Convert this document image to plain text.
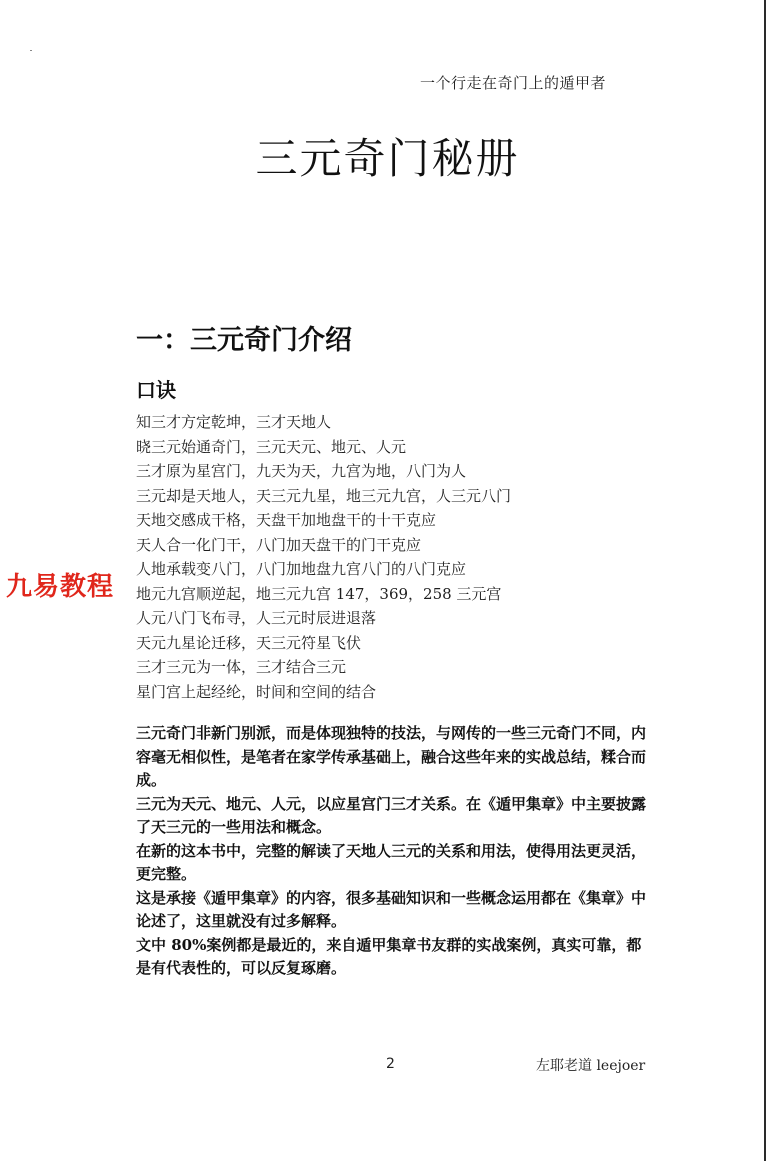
一个行走在奇门上的遁甲者
三元奇门秘册
一：三元奇门介绍
口诀
知三才方定乾坤，三才天地人
晓三元始通奇门，三元天元、地元、人元
三才原为星宫门，九天为天，九宫为地，八门为人
三元却是天地人，天三元九星，地三元九宫，人三元八门
天地交感成干格，天盘干加地盘干的十干克应
天人合一化门干，八门加天盘干的门干克应
人地承载变八门，八门加地盘九宫八门的八门克应
地元九宫顺逆起，地三元九宫 147，369，258 三元宫
人元八门飞布寻，人三元时辰进退落
天元九星论迁移，天三元符星飞伏
三才三元为一体，三才结合三元
星门宫上起经纶，时间和空间的结合

三元奇门非新门别派，而是体现独特的技法，与网传的一些三元奇门不同，内容毫无相似性，是笔者在家学传承基础上，融合这些年来的实战总结，糅合而成。

三元为天元、地元、人元，以应星宫门三才关系。在《遁甲集章》中主要披露了天三元的一些用法和概念。

在新的这本书中，完整的解读了天地人三元的关系和用法，使得用法更灵活，更完整。

这是承接《遁甲集章》的内容，很多基础知识和一些概念运用都在《集章》中论述了，这里就没有过多解释。

文中 80%案例都是最近的，来自遁甲集章书友群的实战案例，真实可靠，都是有代表性的，可以反复琢磨。

九易教程
2	左耶老道 leejoer
